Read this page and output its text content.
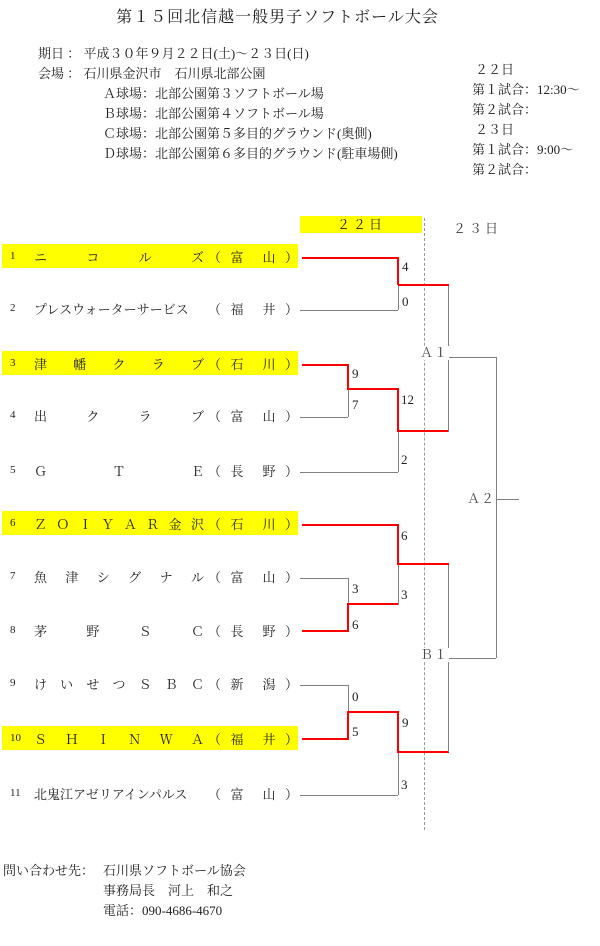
第１５回北信越一般男子ソフトボール大会
期日 ： 平成３０年９月２２日(土)～２３日(日)
会場 ： 石川県金沢市　石川県北部公園
Ａ球場：北部公園第３ソフトボール場
Ｂ球場：北部公園第４ソフトボール場
Ｃ球場：北部公園第５多目的グラウンド(奥側)
Ｄ球場：北部公園第６多目的グラウンド(駐車場側)
２２日
第１試合：12:30～
第２試合：
２３日
第１試合：9:00～
第２試合：
２２日	２３日
1	ニ	コ	ル	ズ （ 富 山 ）
2	プレスウォーターサービス	（ 福 井 ）
3	津 幡 ク ラ ブ （ 石 川 ）
4	出	ク	ラ	ブ （ 富 山 ）
5	Ｇ	Ｔ	Ｅ （ 長 野 ）
6	Ｚ Ｏ Ｉ Ｙ Ａ Ｒ 金 沢 （ 石 川 ）
7	魚 津 シ グ ナ ル （ 富 山 ）
8	茅	野	Ｓ	Ｃ （ 長 野 ）
9	け い せ つ Ｓ Ｂ Ｃ （ 新 潟 ）
10	Ｓ Ｈ Ｉ Ｎ Ｗ Ａ （ 福 井 ）
11	北鬼江アゼリアインパルス	（ 富 山 ）
4
0
9
7	12
2
6
3
3
6
0
5
9
3
Ａ１
Ａ２
Ｂ１
問い合わせ先： 石川県ソフトボール協会
事務局長　河上　和之
電話：090-4686-4670
